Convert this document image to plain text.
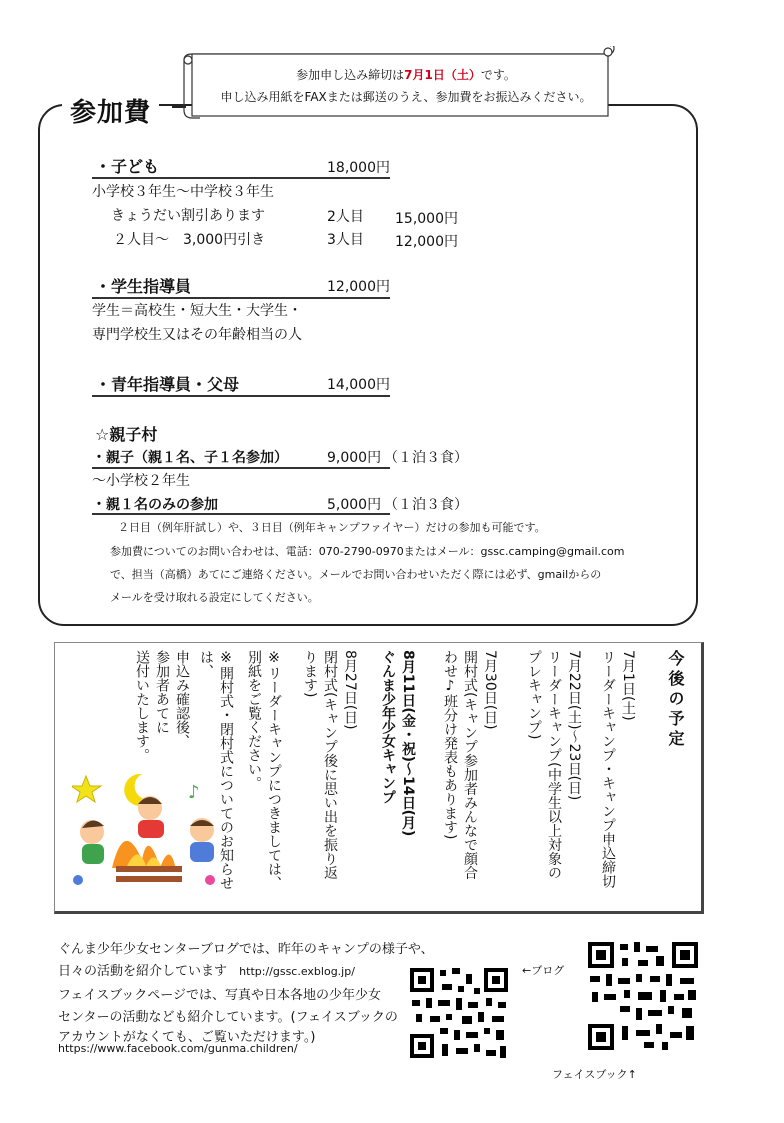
参加費
参加申し込み締切は7月1日（土）です。
申し込み用紙をFAXまたは郵送のうえ、参加費をお振込みください。
・子ども	18,000円
小学校３年生～中学校３年生
きょうだい割引あります	2人目 15,000円
２人目～　3,000円引き	3人目 12,000円
・学生指導員	12,000円
学生＝高校生・短大生・大学生・
専門学校生又はその年齢相当の人
・青年指導員・父母	14,000円
☆親子村
・親子（親１名、子１名参加）	9,000円 （１泊３食）
～小学校２年生
・親１名のみの参加	5,000円 （１泊３食）
２日目（例年肝試し）や、３日目（例年キャンプファイヤー）だけの参加も可能です。
参加費についてのお問い合わせは、電話：070-2790-0970またはメール：gssc.camping@gmail.com
で、担当（高橋）あてにご連絡ください。メールでお問い合わせいただく際には必ず、gmailからの
メールを受け取れる設定にしてください。
今後の予定
7月1日(土)
リーダーキャンプ・キャンプ申込締切
7月22日(土)～23日(日)
リーダーキャンプ(中学生以上対象の
プレキャンプ)
7月30日(日)
開村式(キャンプ参加者みんなで顔合
わせ♪班分け発表もあります)
8月11日(金・祝)～14日(月)
ぐんま少年少女キャンプ
8月27日(日)
閉村式(キャンプ後に思い出を振り返
ります)
※リーダーキャンプにつきましては、
別紙をご覧ください。
※開村式・閉村式についてのお知らせ
は、
申込み確認後、
参加者あてに
送付いたします。
♪
ぐんま少年少女センターブログでは、昨年のキャンプの様子や、
日々の活動を紹介しています http://gssc.exblog.jp/
フェイスブックページでは、写真や日本各地の少年少女
センターの活動なども紹介しています。(フェイスブックの
アカウントがなくても、ご覧いただけます。)
https://www.facebook.com/gunma.children/
←ブログ
フェイスブック↑
